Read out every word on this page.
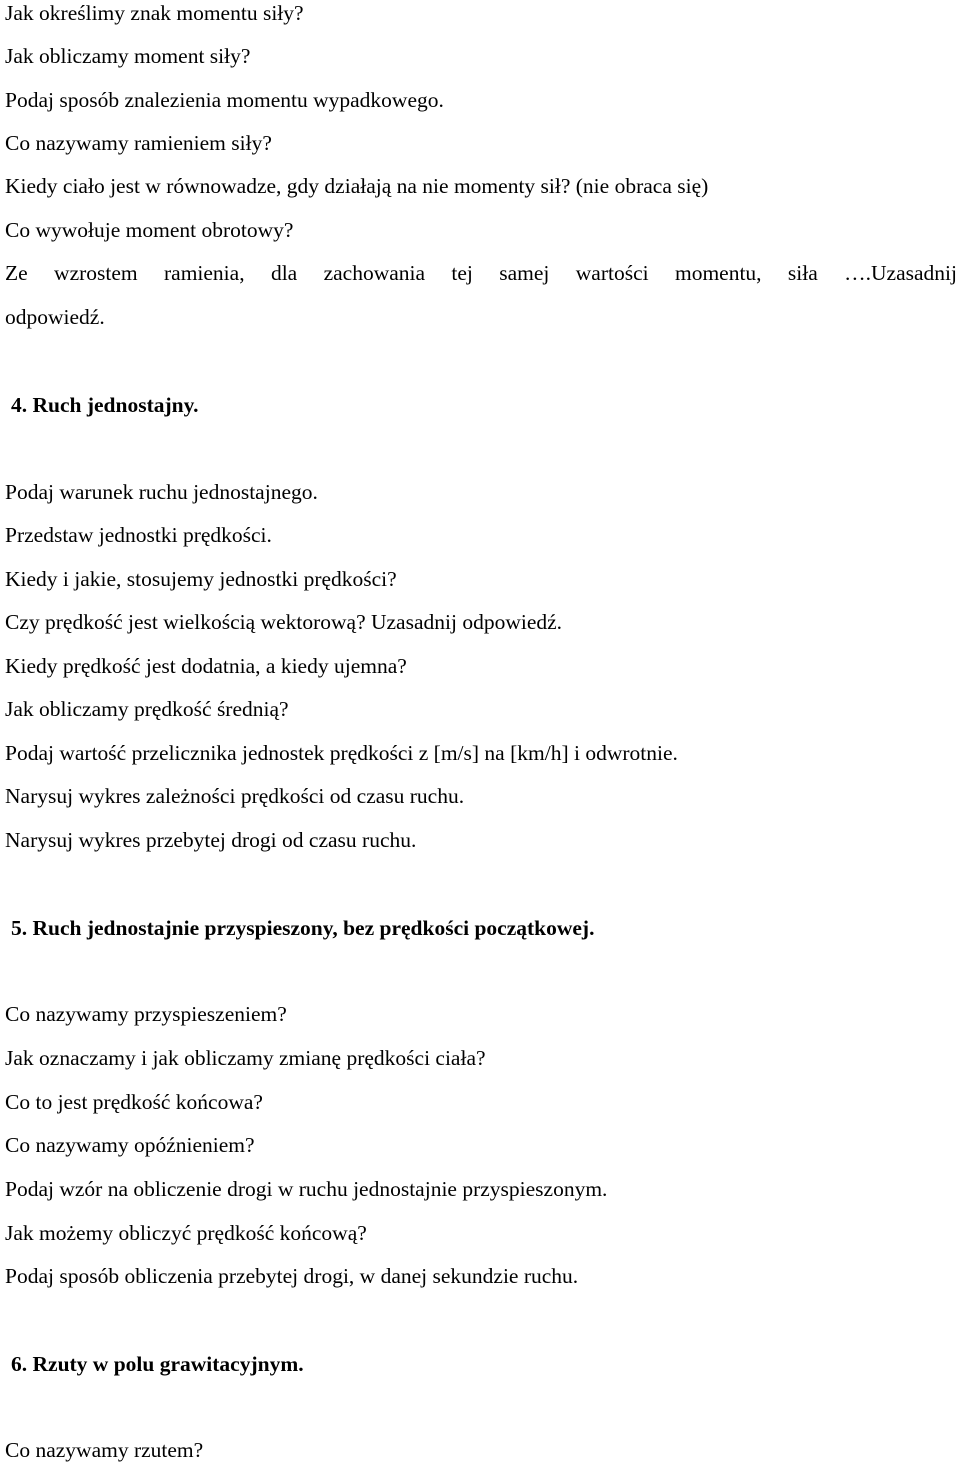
Jak określimy znak momentu siły?
Jak obliczamy moment siły?
Podaj sposób znalezienia momentu wypadkowego.
Co nazywamy ramieniem siły?
Kiedy ciało jest w równowadze, gdy działają na nie momenty sił? (nie obraca się)
Co wywołuje moment obrotowy?
Ze wzrostem ramienia, dla zachowania tej samej wartości momentu, siła ….Uzasadnij
odpowiedź.
4. Ruch jednostajny.
Podaj warunek ruchu jednostajnego.
Przedstaw jednostki prędkości.
Kiedy i jakie, stosujemy jednostki prędkości?
Czy prędkość jest wielkością wektorową? Uzasadnij odpowiedź.
Kiedy prędkość jest dodatnia, a kiedy ujemna?
Jak obliczamy prędkość średnią?
Podaj wartość przelicznika jednostek prędkości z [m/s] na [km/h] i odwrotnie.
Narysuj wykres zależności prędkości od czasu ruchu.
Narysuj wykres przebytej drogi od czasu ruchu.
5. Ruch jednostajnie przyspieszony, bez prędkości początkowej.
Co nazywamy przyspieszeniem?
Jak oznaczamy i jak obliczamy zmianę prędkości ciała?
Co to jest prędkość końcowa?
Co nazywamy opóźnieniem?
Podaj wzór na obliczenie drogi w ruchu jednostajnie przyspieszonym.
Jak możemy obliczyć prędkość końcową?
Podaj sposób obliczenia przebytej drogi, w danej sekundzie ruchu.
6. Rzuty w polu grawitacyjnym.
Co nazywamy rzutem?
